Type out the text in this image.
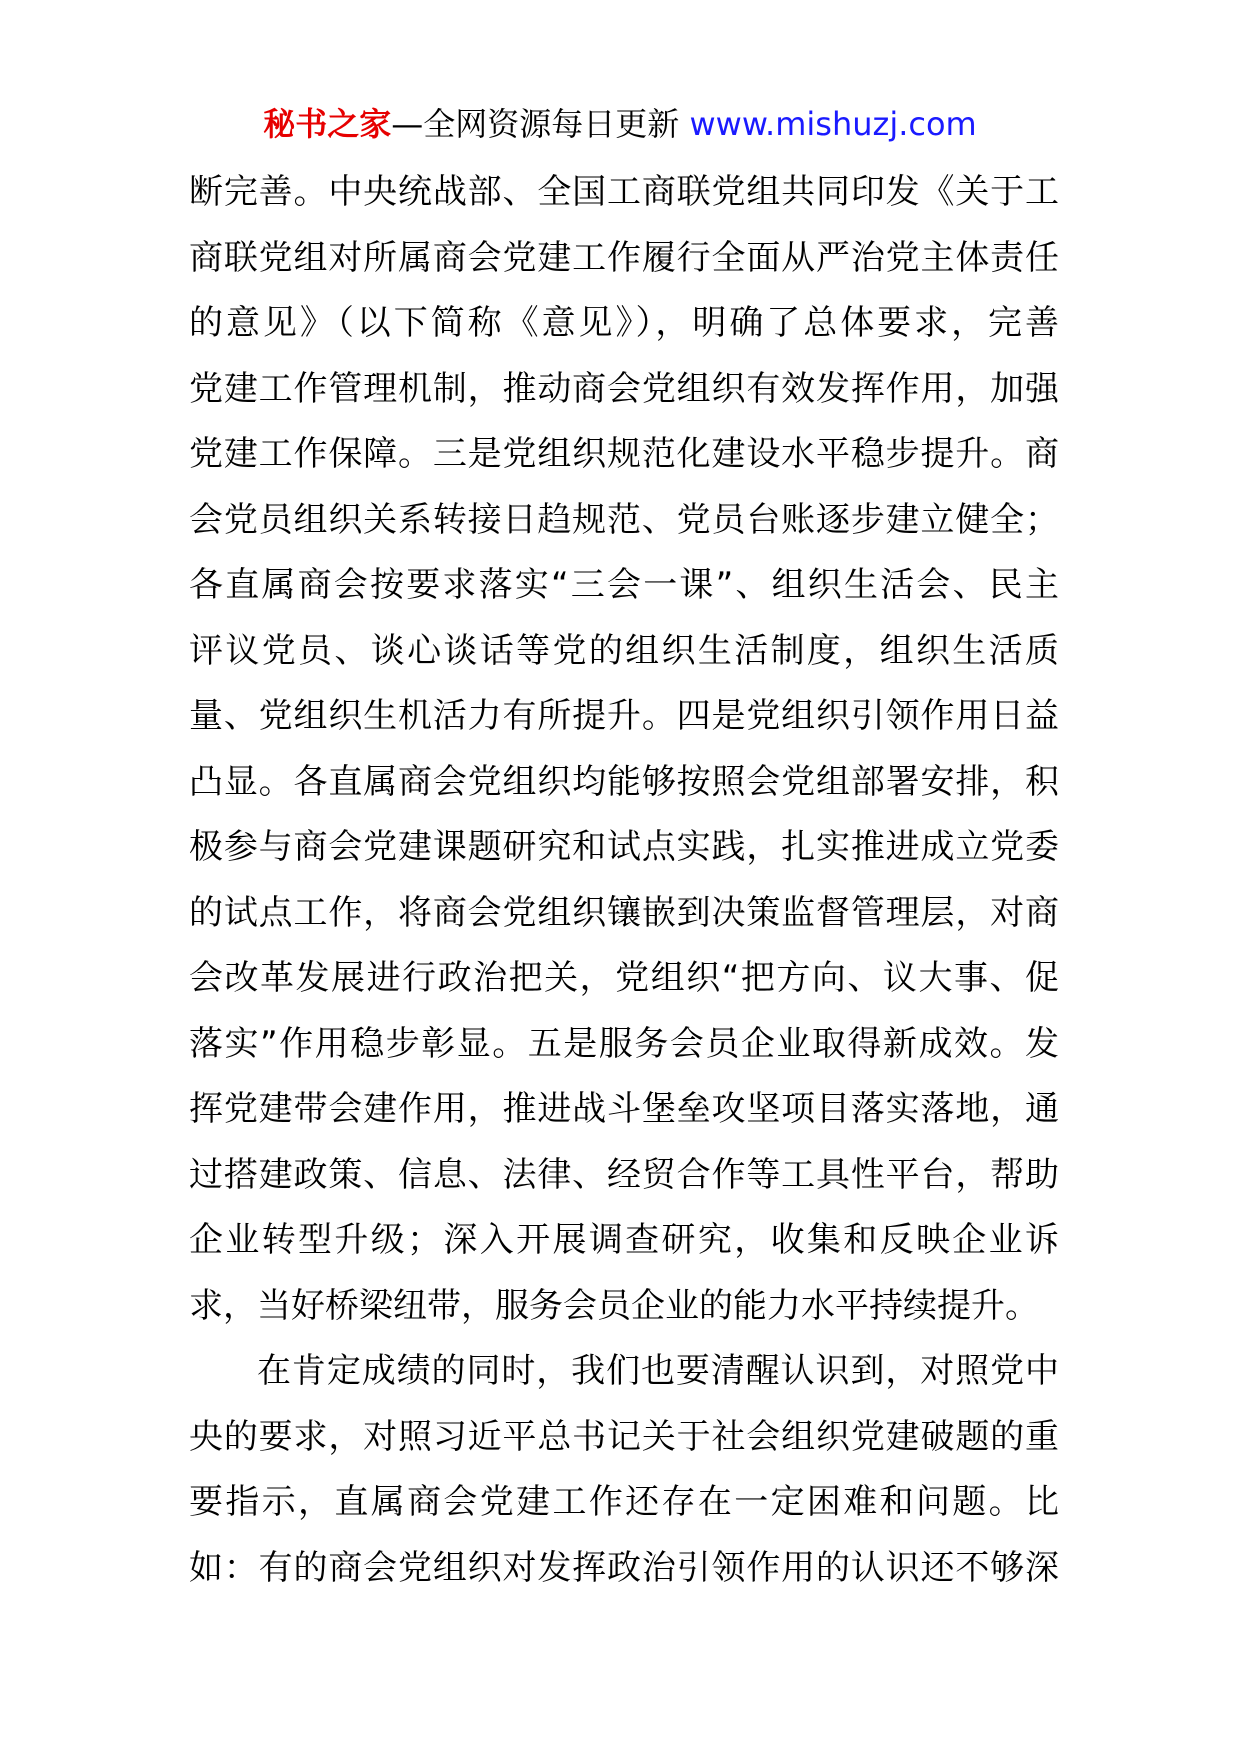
秘书之家—全网资源每日更新 www.mishuzj.com
断完善。中央统战部、全国工商联党组共同印发《关于工
商联党组对所属商会党建工作履行全面从严治党主体责任
的意见》（以下简称《意见》），明确了总体要求，完善
党建工作管理机制，推动商会党组织有效发挥作用，加强
党建工作保障。三是党组织规范化建设水平稳步提升。商
会党员组织关系转接日趋规范、党员台账逐步建立健全；
各直属商会按要求落实“三会一课”、组织生活会、民主
评议党员、谈心谈话等党的组织生活制度，组织生活质
量、党组织生机活力有所提升。四是党组织引领作用日益
凸显。各直属商会党组织均能够按照会党组部署安排，积
极参与商会党建课题研究和试点实践，扎实推进成立党委
的试点工作，将商会党组织镶嵌到决策监督管理层，对商
会改革发展进行政治把关，党组织“把方向、议大事、促
落实”作用稳步彰显。五是服务会员企业取得新成效。发
挥党建带会建作用，推进战斗堡垒攻坚项目落实落地，通
过搭建政策、信息、法律、经贸合作等工具性平台，帮助
企业转型升级；深入开展调查研究，收集和反映企业诉
求，当好桥梁纽带，服务会员企业的能力水平持续提升。
在肯定成绩的同时，我们也要清醒认识到，对照党中
央的要求，对照习近平总书记关于社会组织党建破题的重
要指示，直属商会党建工作还存在一定困难和问题。比
如：有的商会党组织对发挥政治引领作用的认识还不够深
